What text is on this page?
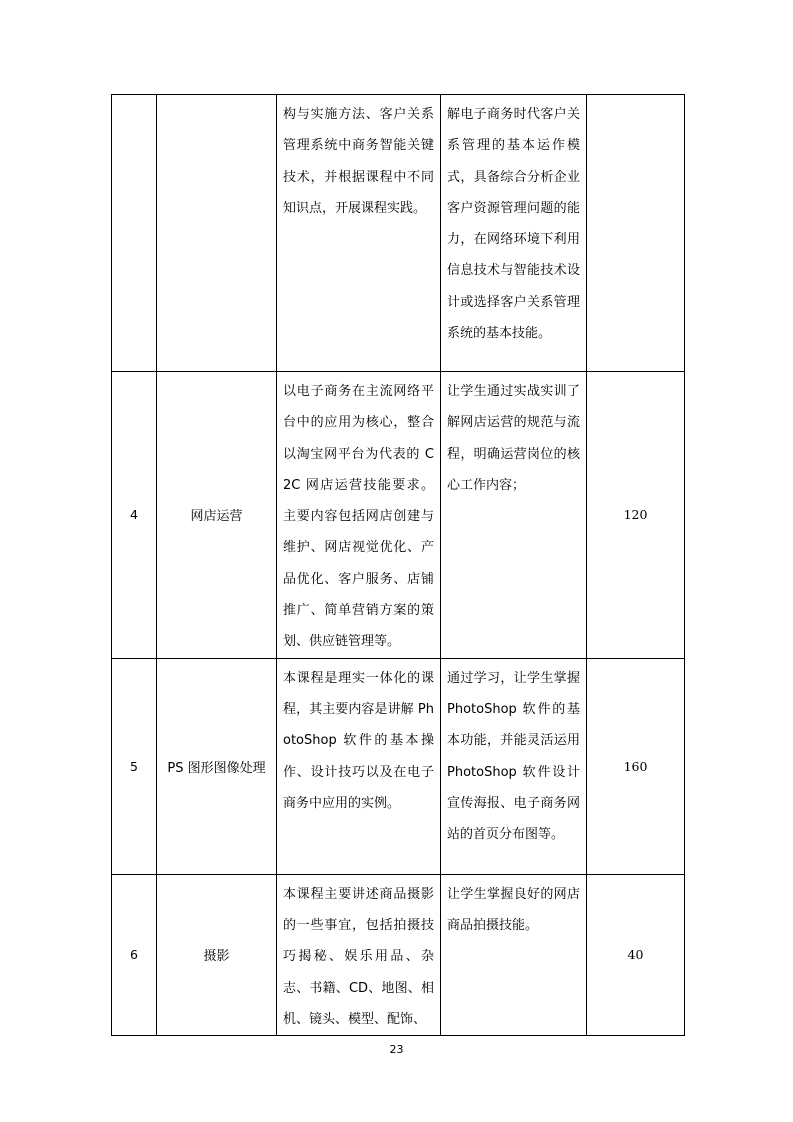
		构与实施方法、客户关系管理系统中商务智能关键技术，并根据课程中不同知识点，开展课程实践。	解电子商务时代客户关系管理的基本运作模式，具备综合分析企业客户资源管理问题的能力，在网络环境下利用信息技术与智能技术设计或选择客户关系管理系统的基本技能。	
4	网店运营	以电子商务在主流网络平台中的应用为核心，整合以淘宝网平台为代表的 C2C 网店运营技能要求。主要内容包括网店创建与维护、网店视觉优化、产品优化、客户服务、店铺推广、简单营销方案的策划、供应链管理等。	让学生通过实战实训了解网店运营的规范与流程，明确运营岗位的核心工作内容；	120
5	PS 图形图像处理	本课程是理实一体化的课程，其主要内容是讲解 PhotoShop 软件的基本操作、设计技巧以及在电子商务中应用的实例。	通过学习，让学生掌握 PhotoShop 软件的基本功能，并能灵活运用 PhotoShop 软件设计宣传海报、电子商务网站的首页分布图等。	160
6	摄影	本课程主要讲述商品摄影的一些事宜，包括拍摄技巧揭秘、娱乐用品、杂志、书籍、CD、地图、相机、镜头、模型、配饰、	让学生掌握良好的网店商品拍摄技能。	40
23
